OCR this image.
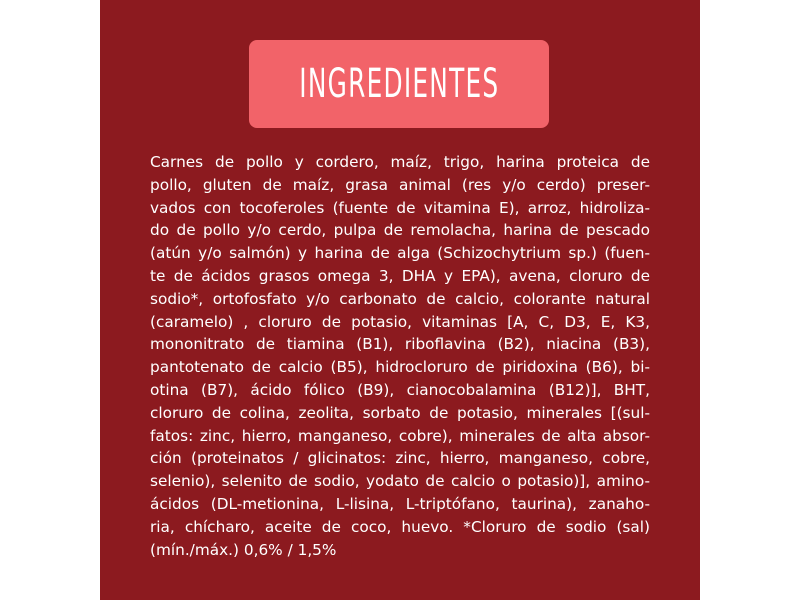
INGREDIENTES
Carnes de pollo y cordero, maíz, trigo, harina proteica de
pollo, gluten de maíz, grasa animal (res y/o cerdo) preser-
vados con tocoferoles (fuente de vitamina E), arroz, hidroliza-
do de pollo y/o cerdo, pulpa de remolacha, harina de pescado
(atún y/o salmón) y harina de alga (Schizochytrium sp.) (fuen-
te de ácidos grasos omega 3, DHA y EPA), avena, cloruro de
sodio*, ortofosfato y/o carbonato de calcio, colorante natural
(caramelo) , cloruro de potasio, vitaminas [A, C, D3, E, K3,
mononitrato de tiamina (B1), riboflavina (B2), niacina (B3),
pantotenato de calcio (B5), hidrocloruro de piridoxina (B6), bi-
otina (B7), ácido fólico (B9), cianocobalamina (B12)], BHT,
cloruro de colina, zeolita, sorbato de potasio, minerales [(sul-
fatos: zinc, hierro, manganeso, cobre), minerales de alta absor-
ción (proteinatos / glicinatos: zinc, hierro, manganeso, cobre,
selenio), selenito de sodio, yodato de calcio o potasio)], amino-
ácidos (DL-metionina, L-lisina, L-triptófano, taurina), zanaho-
ria, chícharo, aceite de coco, huevo. *Cloruro de sodio (sal)
(mín./máx.) 0,6% / 1,5%
